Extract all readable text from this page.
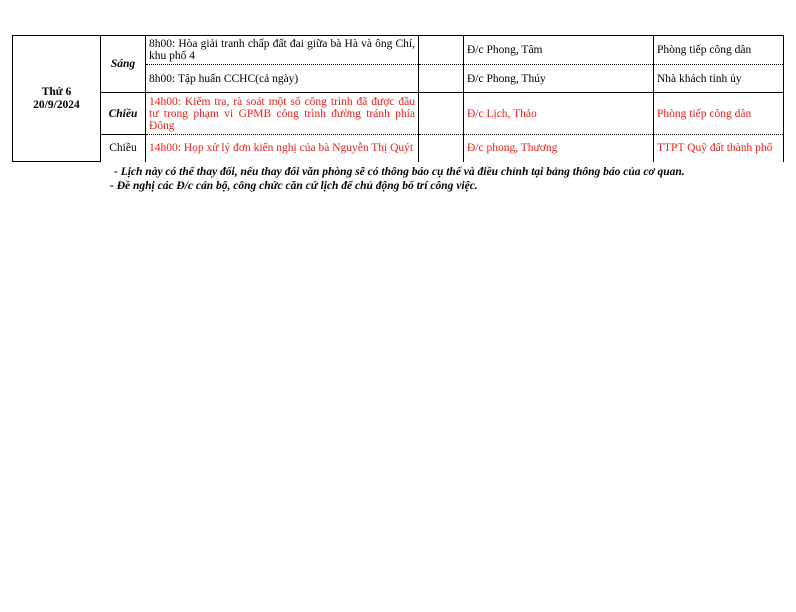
Thứ 6
20/9/2024	Sáng	8h00: Hòa giải tranh chấp đất đai giữa bà Hà và ông Chí, khu phố 4		Đ/c Phong, Tâm	Phòng tiếp công dân
		8h00: Tập huấn CCHC(cả ngày)		Đ/c Phong, Thúy	Nhà khách tỉnh ủy
	Chiều	14h00: Kiểm tra, rà soát một số công trình đã được đầu tư trong phạm vi GPMB công trình đường tránh phía Đông		Đ/c Lịch, Thảo	Phòng tiếp công dân
	Chiều	14h00: Họp xử lý đơn kiến nghị của bà Nguyễn Thị Quýt		Đ/c phong, Thương	TTPT Quỹ đất thành phố
- Lịch này có thể thay đổi, nếu thay đổi văn phòng sẽ có thông báo cụ thể và điều chỉnh tại bảng thông báo của cơ quan.
- Đề nghị các Đ/c cán bộ, công chức căn cứ lịch để chủ động bố trí công việc.
